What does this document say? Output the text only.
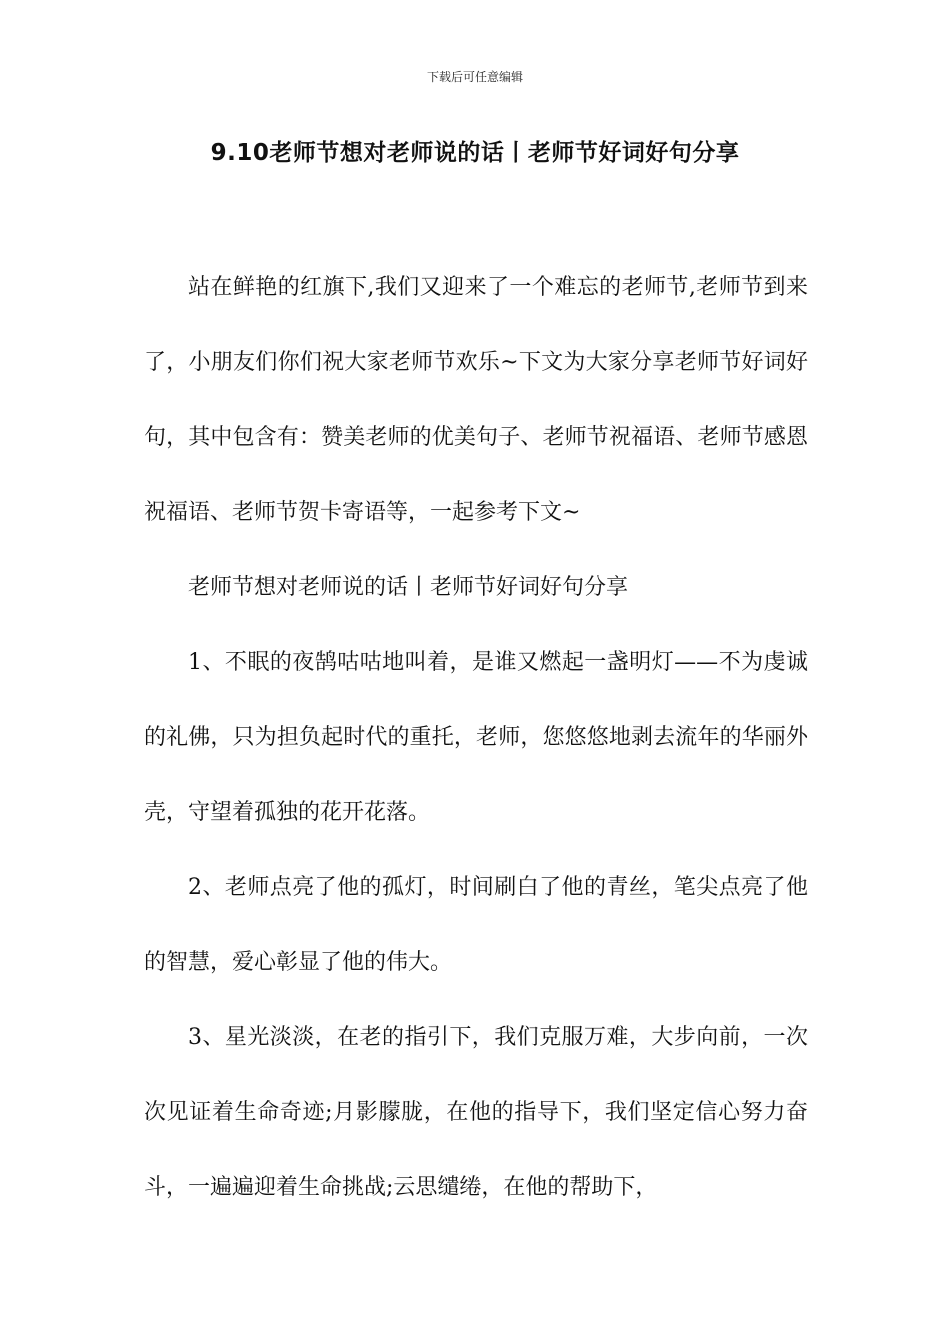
下载后可任意编辑
9.10老师节想对老师说的话丨老师节好词好句分享

站在鲜艳的红旗下,我们又迎来了一个难忘的老师节,老师节到来了，小朋友们你们祝大家老师节欢乐~下文为大家分享老师节好词好句，其中包含有：赞美老师的优美句子、老师节祝福语、老师节感恩祝福语、老师节贺卡寄语等，一起参考下文~

老师节想对老师说的话丨老师节好词好句分享

1、不眠的夜鹄咕咕地叫着，是谁又燃起一盏明灯——不为虔诚的礼佛，只为担负起时代的重托，老师，您悠悠地剥去流年的华丽外壳，守望着孤独的花开花落。

2、老师点亮了他的孤灯，时间刷白了他的青丝，笔尖点亮了他的智慧，爱心彰显了他的伟大。

3、星光淡淡，在老的指引下，我们克服万难，大步向前，一次次见证着生命奇迹;月影朦胧，在他的指导下，我们坚定信心努力奋斗，一遍遍迎着生命挑战;云思缱绻，在他的帮助下，
